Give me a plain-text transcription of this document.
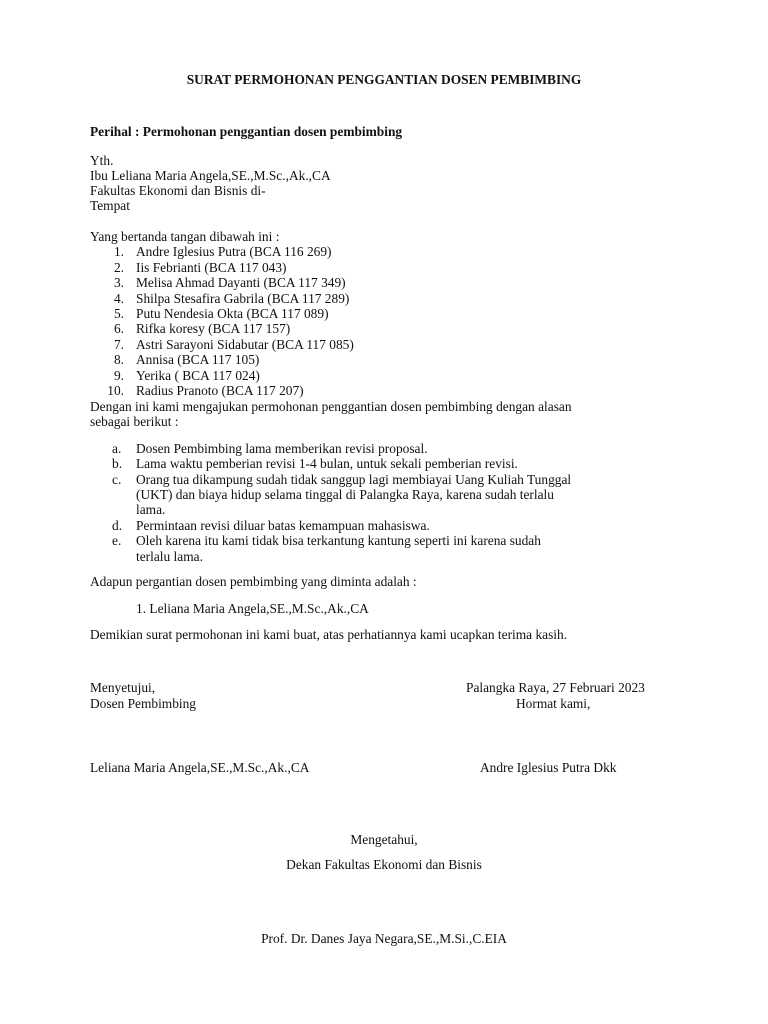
SURAT PERMOHONAN PENGGANTIAN DOSEN PEMBIMBING
Perihal : Permohonan penggantian dosen pembimbing
Yth.
Ibu Leliana Maria Angela,SE.,M.Sc.,Ak.,CA
Fakultas Ekonomi dan Bisnis di-
Tempat
Yang bertanda tangan dibawah ini :
1. Andre Iglesius Putra (BCA 116 269)
2. Iis Febrianti (BCA 117 043)
3. Melisa Ahmad Dayanti (BCA 117 349)
4. Shilpa Stesafira Gabrila (BCA 117 289)
5. Putu Nendesia Okta (BCA 117 089)
6. Rifka koresy (BCA 117 157)
7. Astri Sarayoni Sidabutar (BCA 117 085)
8. Annisa (BCA 117 105)
9. Yerika ( BCA 117 024)
10. Radius Pranoto (BCA 117 207)
Dengan ini kami mengajukan permohonan penggantian dosen pembimbing dengan alasan
sebagai berikut :
a. Dosen Pembimbing lama memberikan revisi proposal.
b. Lama waktu pemberian revisi 1-4 bulan, untuk sekali pemberian revisi.
c. Orang tua dikampung sudah tidak sanggup lagi membiayai Uang Kuliah Tunggal
(UKT) dan biaya hidup selama tinggal di Palangka Raya, karena sudah terlalu
lama.
d. Permintaan revisi diluar batas kemampuan mahasiswa.
e. Oleh karena itu kami tidak bisa terkantung kantung seperti ini karena sudah
terlalu lama.
Adapun pergantian dosen pembimbing yang diminta adalah :
1. Leliana Maria Angela,SE.,M.Sc.,Ak.,CA
Demikian surat permohonan ini kami buat, atas perhatiannya kami ucapkan terima kasih.
Menyetujui,
Dosen Pembimbing
Leliana Maria Angela,SE.,M.Sc.,Ak.,CA
Palangka Raya, 27 Februari 2023
Hormat kami,
Andre Iglesius Putra Dkk
Mengetahui,
Dekan Fakultas Ekonomi dan Bisnis
Prof. Dr. Danes Jaya Negara,SE.,M.Si.,C.EIA
